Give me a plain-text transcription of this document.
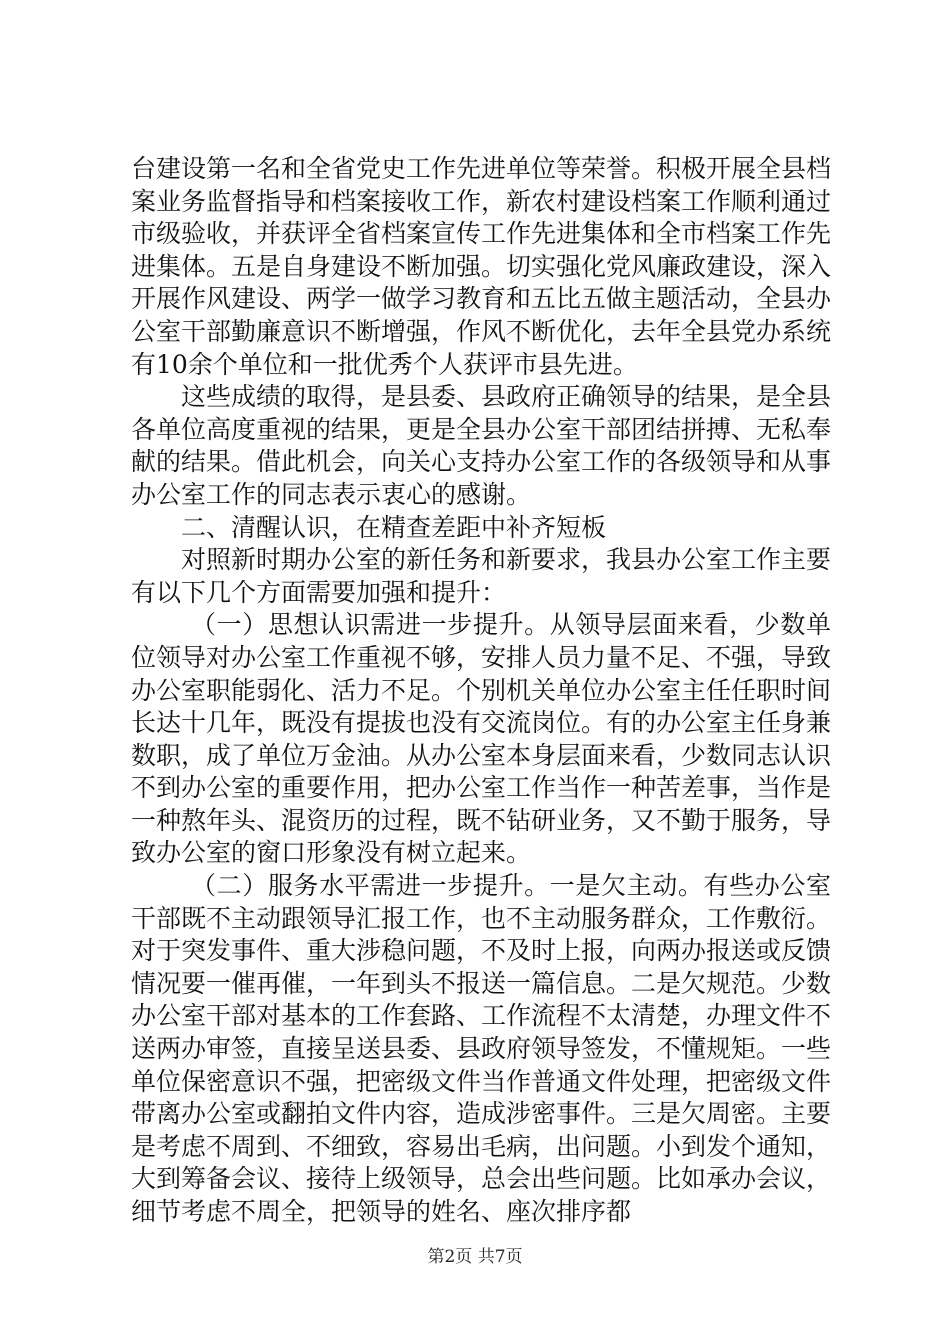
台建设第一名和全省党史工作先进单位等荣誉。积极开展全县档案业务监督指导和档案接收工作，新农村建设档案工作顺利通过市级验收，并获评全省档案宣传工作先进集体和全市档案工作先进集体。五是自身建设不断加强。切实强化党风廉政建设，深入开展作风建设、两学一做学习教育和五比五做主题活动，全县办公室干部勤廉意识不断增强，作风不断优化，去年全县党办系统有10余个单位和一批优秀个人获评市县先进。

这些成绩的取得，是县委、县政府正确领导的结果，是全县各单位高度重视的结果，更是全县办公室干部团结拼搏、无私奉献的结果。借此机会，向关心支持办公室工作的各级领导和从事办公室工作的同志表示衷心的感谢。

二、清醒认识，在精查差距中补齐短板

对照新时期办公室的新任务和新要求，我县办公室工作主要有以下几个方面需要加强和提升：

（一）思想认识需进一步提升。从领导层面来看，少数单位领导对办公室工作重视不够，安排人员力量不足、不强，导致办公室职能弱化、活力不足。个别机关单位办公室主任任职时间长达十几年，既没有提拔也没有交流岗位。有的办公室主任身兼数职，成了单位万金油。从办公室本身层面来看，少数同志认识不到办公室的重要作用，把办公室工作当作一种苦差事，当作是一种熬年头、混资历的过程，既不钻研业务，又不勤于服务，导致办公室的窗口形象没有树立起来。

（二）服务水平需进一步提升。一是欠主动。有些办公室干部既不主动跟领导汇报工作，也不主动服务群众，工作敷衍。对于突发事件、重大涉稳问题，不及时上报，向两办报送或反馈情况要一催再催，一年到头不报送一篇信息。二是欠规范。少数办公室干部对基本的工作套路、工作流程不太清楚，办理文件不送两办审签，直接呈送县委、县政府领导签发，不懂规矩。一些单位保密意识不强，把密级文件当作普通文件处理，把密级文件带离办公室或翻拍文件内容，造成涉密事件。三是欠周密。主要是考虑不周到、不细致，容易出毛病，出问题。小到发个通知，大到筹备会议、接待上级领导，总会出些问题。比如承办会议，细节考虑不周全，把领导的姓名、座次排序都

第2页 共7页
